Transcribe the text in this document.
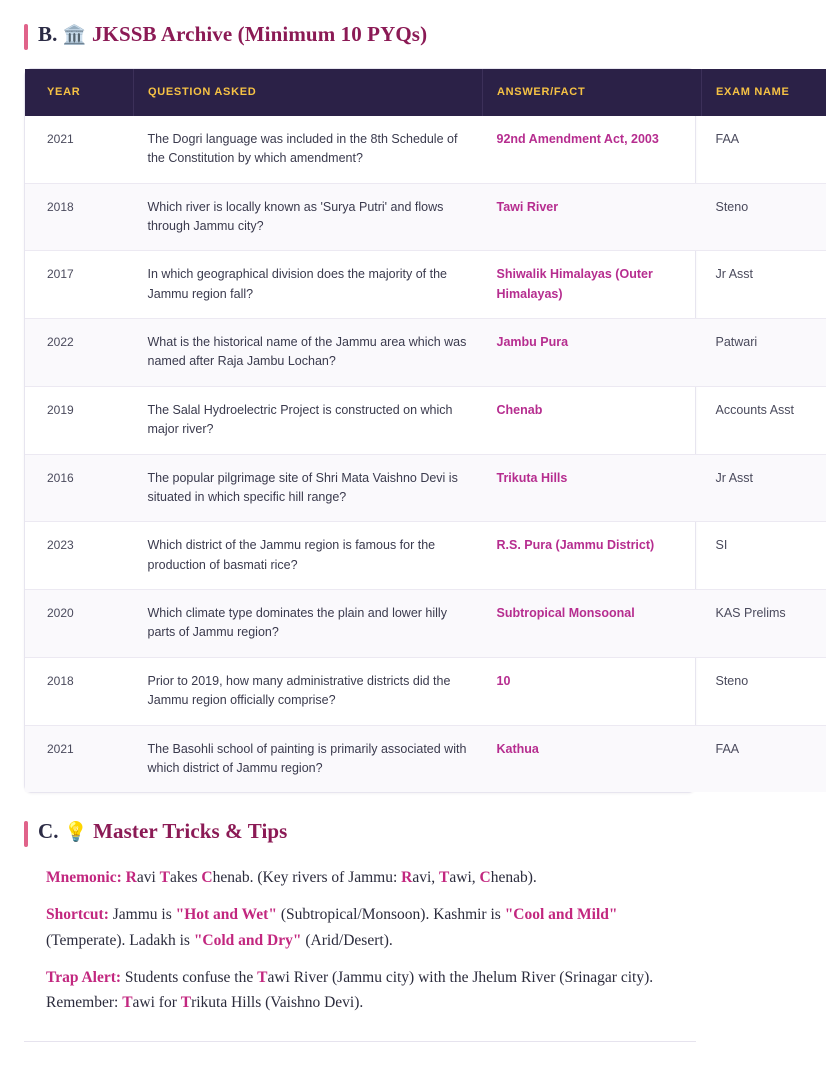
B. 🏛️ JKSSB Archive (Minimum 10 PYQs)
YEAR	QUESTION ASKED	ANSWER/FACT	EXAM NAME
2021	The Dogri language was included in the 8th Schedule of the Constitution by which amendment?	92nd Amendment Act, 2003	FAA
2018	Which river is locally known as 'Surya Putri' and flows through Jammu city?	Tawi River	Steno
2017	In which geographical division does the majority of the Jammu region fall?	Shiwalik Himalayas (Outer Himalayas)	Jr Asst
2022	What is the historical name of the Jammu area which was named after Raja Jambu Lochan?	Jambu Pura	Patwari
2019	The Salal Hydroelectric Project is constructed on which major river?	Chenab	Accounts Asst
2016	The popular pilgrimage site of Shri Mata Vaishno Devi is situated in which specific hill range?	Trikuta Hills	Jr Asst
2023	Which district of the Jammu region is famous for the production of basmati rice?	R.S. Pura (Jammu District)	SI
2020	Which climate type dominates the plain and lower hilly parts of Jammu region?	Subtropical Monsoonal	KAS Prelims
2018	Prior to 2019, how many administrative districts did the Jammu region officially comprise?	10	Steno
2021	The Basohli school of painting is primarily associated with which district of Jammu region?	Kathua	FAA
C. 💡 Master Tricks & Tips

Mnemonic: Ravi Takes Chenab. (Key rivers of Jammu: Ravi, Tawi, Chenab).

Shortcut: Jammu is "Hot and Wet" (Subtropical/Monsoon). Kashmir is "Cool and Mild" (Temperate). Ladakh is "Cold and Dry" (Arid/Desert).

Trap Alert: Students confuse the Tawi River (Jammu city) with the Jhelum River (Srinagar city). Remember: Tawi for Trikuta Hills (Vaishno Devi).
